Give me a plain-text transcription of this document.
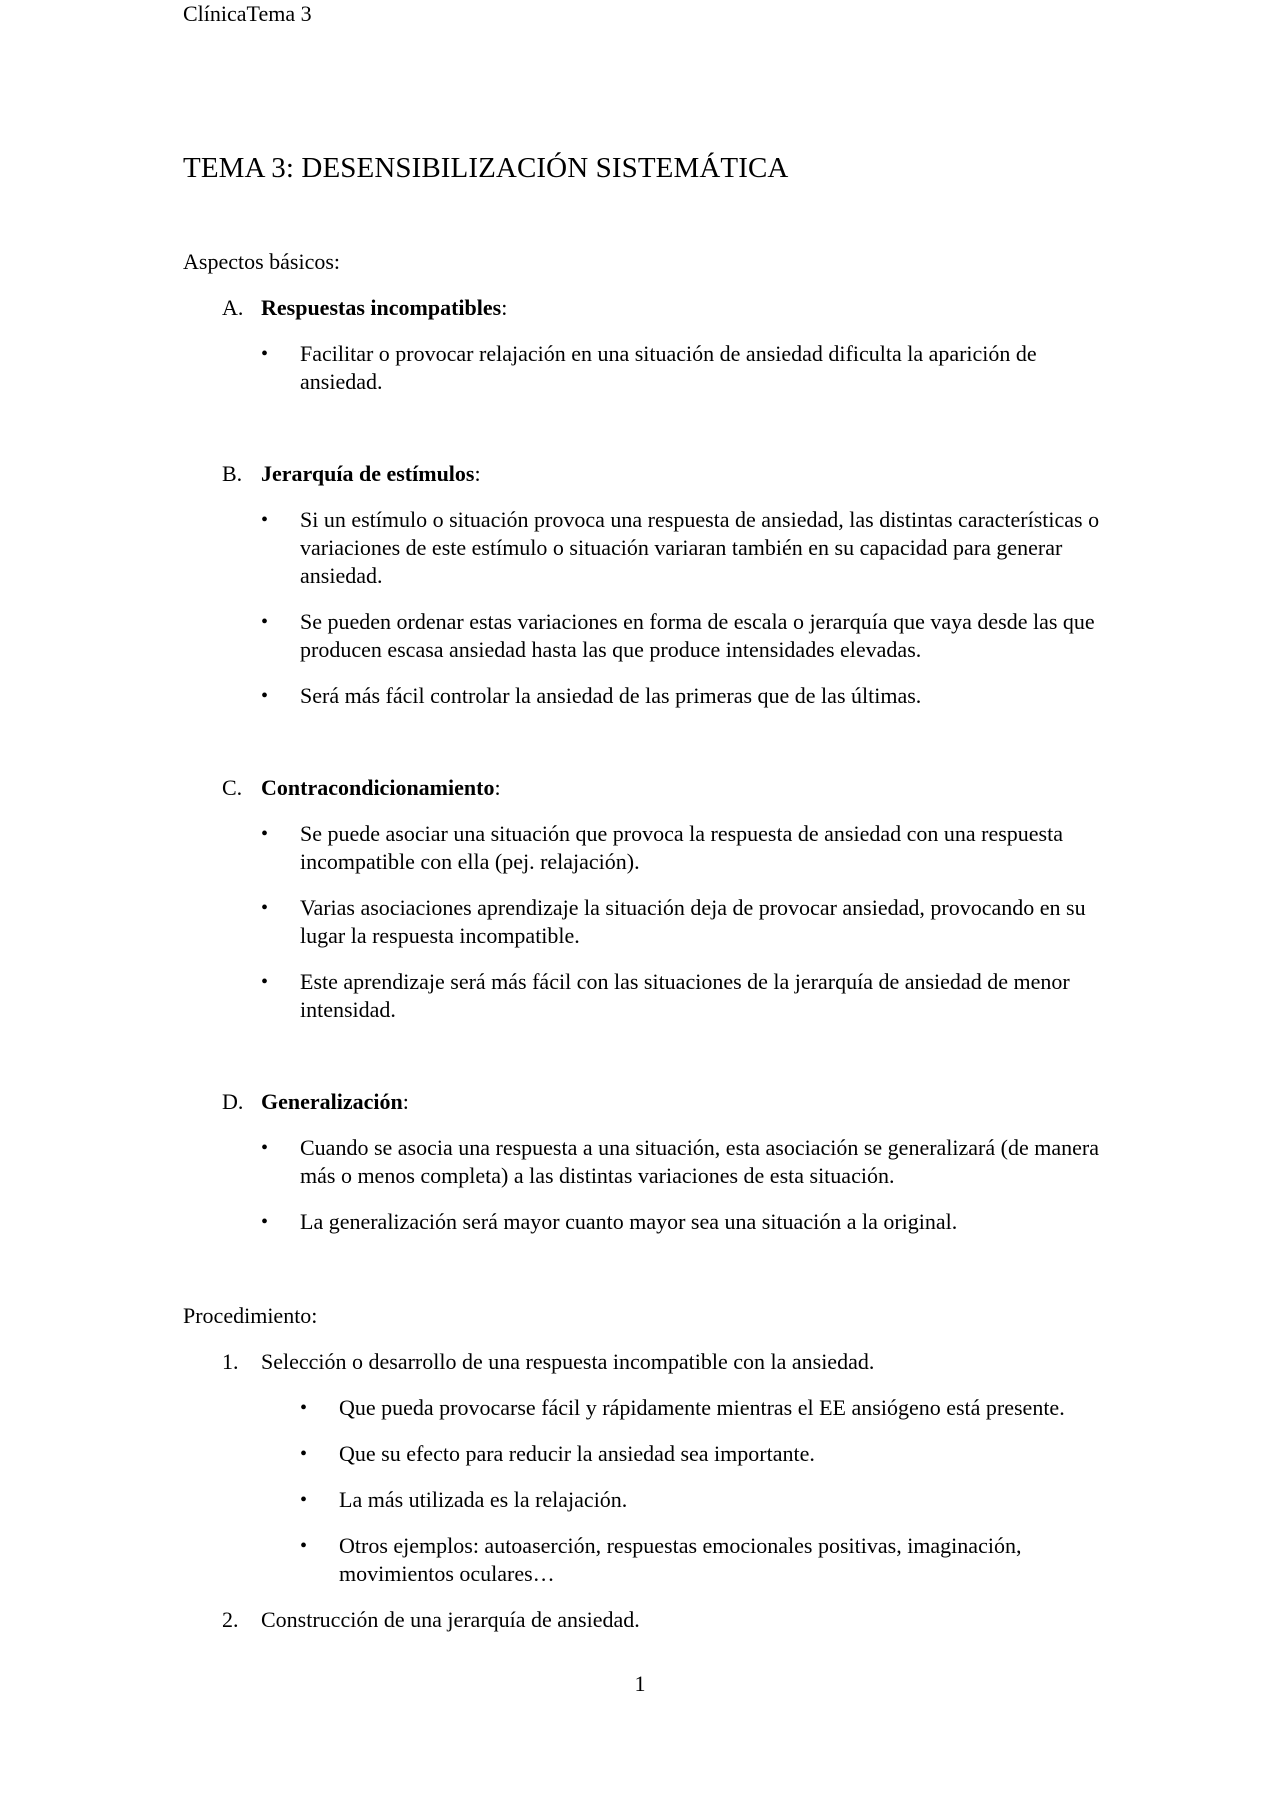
ClínicaTema 3
TEMA 3: DESENSIBILIZACIÓN SISTEMÁTICA
Aspectos básicos:
A. Respuestas incompatibles:
•	Facilitar o provocar relajación en una situación de ansiedad dificulta la aparición de ansiedad.
B. Jerarquía de estímulos:
•	Si un estímulo o situación provoca una respuesta de ansiedad, las distintas características o variaciones de este estímulo o situación variaran también en su capacidad para generar ansiedad.
•	Se pueden ordenar estas variaciones en forma de escala o jerarquía que vaya desde las que producen escasa ansiedad hasta las que produce intensidades elevadas.
•	Será más fácil controlar la ansiedad de las primeras que de las últimas.
C. Contracondicionamiento:
•	Se puede asociar una situación que provoca la respuesta de ansiedad con una respuesta incompatible con ella (pej. relajación).
•	Varias asociaciones aprendizaje la situación deja de provocar ansiedad, provocando en su lugar la respuesta incompatible.
•	Este aprendizaje será más fácil con las situaciones de la jerarquía de ansiedad de menor intensidad.
D. Generalización:
•	Cuando se asocia una respuesta a una situación, esta asociación se generalizará (de manera más o menos completa) a las distintas variaciones de esta situación.
•	La generalización será mayor cuanto mayor sea una situación a la original.
Procedimiento:
1. Selección o desarrollo de una respuesta incompatible con la ansiedad.
•	Que pueda provocarse fácil y rápidamente mientras el EE ansiógeno está presente.
•	Que su efecto para reducir la ansiedad sea importante.
•	La más utilizada es la relajación.
•	Otros ejemplos: autoaserción, respuestas emocionales positivas, imaginación, movimientos oculares…
2. Construcción de una jerarquía de ansiedad.
1
